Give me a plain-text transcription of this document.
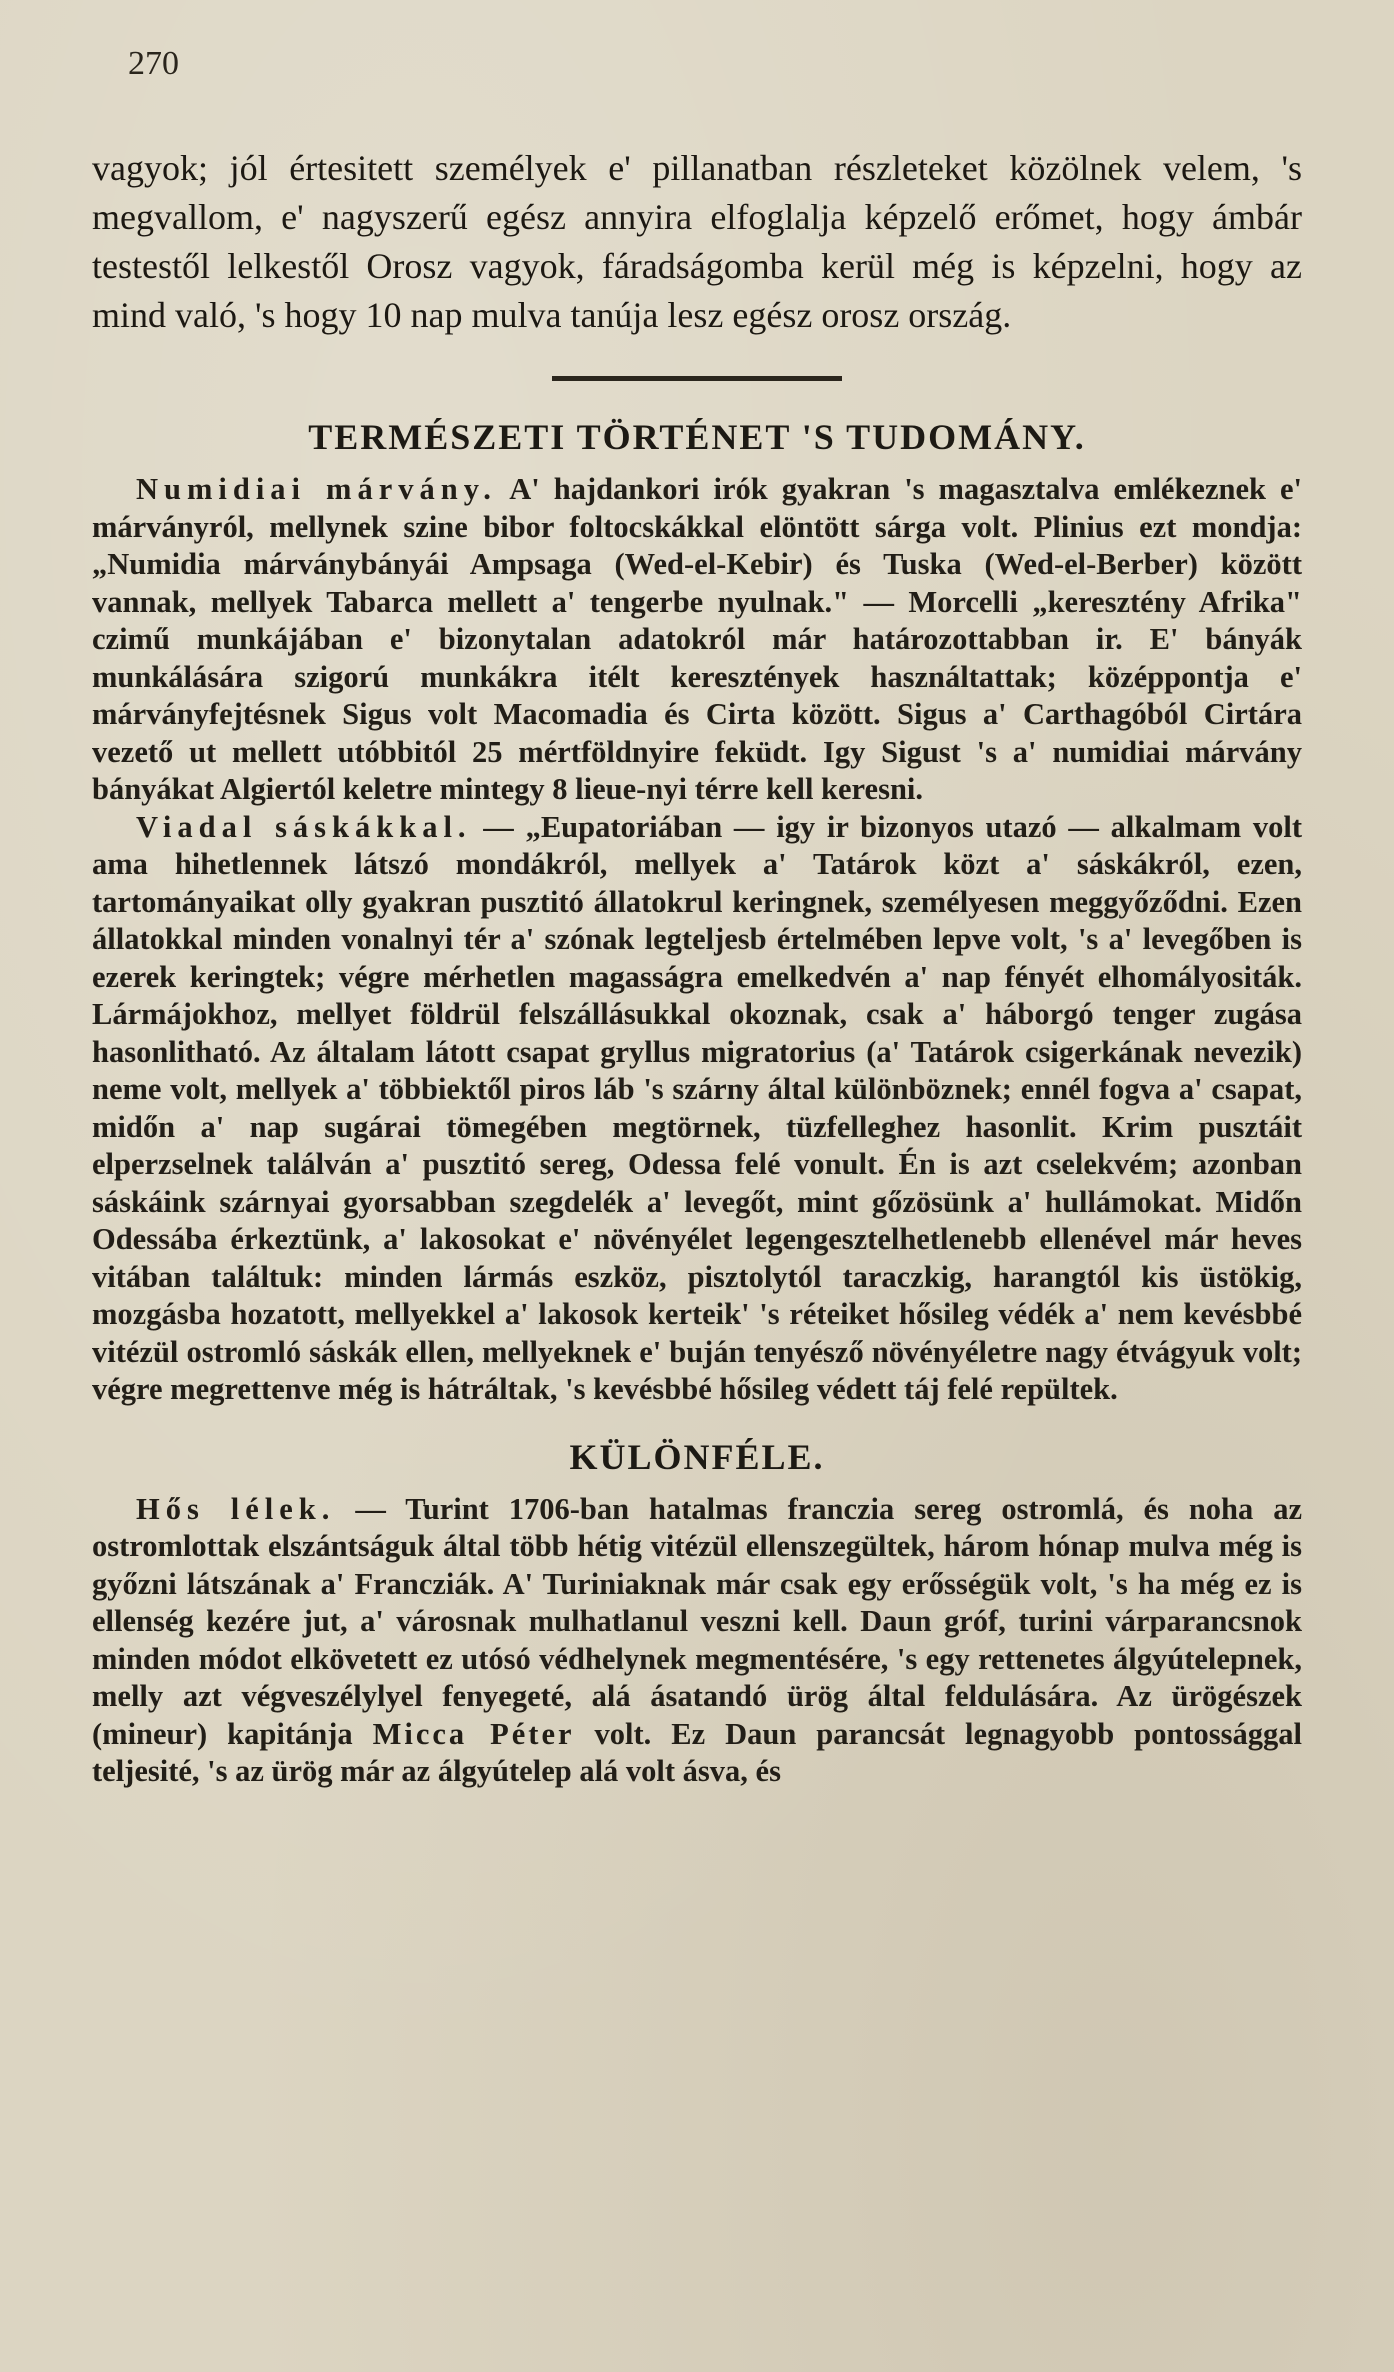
270

vagyok; jól értesitett személyek e' pillanatban részleteket közölnek velem, 's megvallom, e' nagyszerű egész annyira elfoglalja képzelő erőmet, hogy ámbár testestől lelkestől Orosz vagyok, fáradságomba kerül még is képzelni, hogy az mind való, 's hogy 10 nap mulva tanúja lesz egész orosz ország.

TERMÉSZETI TÖRTÉNET 'S TUDOMÁNY.

Numidiai márvány. A' hajdankori irók gyakran 's magasztalva emlékeznek e' márványról, mellynek szine bibor foltocskákkal elöntött sárga volt. Plinius ezt mondja: „Numidia márványbányái Ampsaga (Wed-el-Kebir) és Tuska (Wed-el-Berber) között vannak, mellyek Tabarca mellett a' tengerbe nyulnak." — Morcelli „keresztény Afrika" czimű munkájában e' bizonytalan adatokról már határozottabban ir. E' bányák munkálására szigorú munkákra itélt keresztények használtattak; középpontja e' márványfejtésnek Sigus volt Macomadia és Cirta között. Sigus a' Carthagóból Cirtára vezető ut mellett utóbbitól 25 mértföldnyire feküdt. Igy Sigust 's a' numidiai márvány bányákat Algiertól keletre mintegy 8 lieue-nyi térre kell keresni.

Viadal sáskákkal. — „Eupatoriában — igy ir bizonyos utazó — alkalmam volt ama hihetlennek látszó mondákról, mellyek a' Tatárok közt a' sáskákról, ezen, tartományaikat olly gyakran pusztitó állatokrul keringnek, személyesen meggyőződni. Ezen állatokkal minden vonalnyi tér a' szónak legteljesb értelmében lepve volt, 's a' levegőben is ezerek keringtek; végre mérhetlen magasságra emelkedvén a' nap fényét elhomályositák. Lármájokhoz, mellyet földrül felszállásukkal okoznak, csak a' háborgó tenger zugása hasonlitható. Az általam látott csapat gryllus migratorius (a' Tatárok csigerkának nevezik) neme volt, mellyek a' többiektől piros láb 's szárny által különböznek; ennél fogva a' csapat, midőn a' nap sugárai tömegében megtörnek, tüzfelleghez hasonlit. Krim pusztáit elperzselnek találván a' pusztitó sereg, Odessa felé vonult. Én is azt cselekvém; azonban sáskáink szárnyai gyorsabban szegdelék a' levegőt, mint gőzösünk a' hullámokat. Midőn Odessába érkeztünk, a' lakosokat e' növényélet legengesztelhetlenebb ellenével már heves vitában találtuk: minden lármás eszköz, pisztolytól taraczkig, harangtól kis üstökig, mozgásba hozatott, mellyekkel a' lakosok kerteik' 's réteiket hősileg védék a' nem kevésbbé vitézül ostromló sáskák ellen, mellyeknek e' buján tenyésző növényéletre nagy étvágyuk volt; végre megrettenve még is hátráltak, 's kevésbbé hősileg védett táj felé repültek.

KÜLÖNFÉLE.

Hős lélek. — Turint 1706-ban hatalmas franczia sereg ostromlá, és noha az ostromlottak elszántságuk által több hétig vitézül ellenszegültek, három hónap mulva még is győzni látszának a' Francziák. A' Turiniaknak már csak egy erősségük volt, 's ha még ez is ellenség kezére jut, a' városnak mulhatlanul veszni kell. Daun gróf, turini várparancsnok minden módot elkövetett ez utósó védhelynek megmentésére, 's egy rettenetes álgyútelepnek, melly azt végveszélylyel fenyegeté, alá ásatandó ürög által feldulására. Az ürögészek (mineur) kapitánja Micca Péter volt. Ez Daun parancsát legnagyobb pontossággal teljesité, 's az ürög már az álgyútelep alá volt ásva, és
